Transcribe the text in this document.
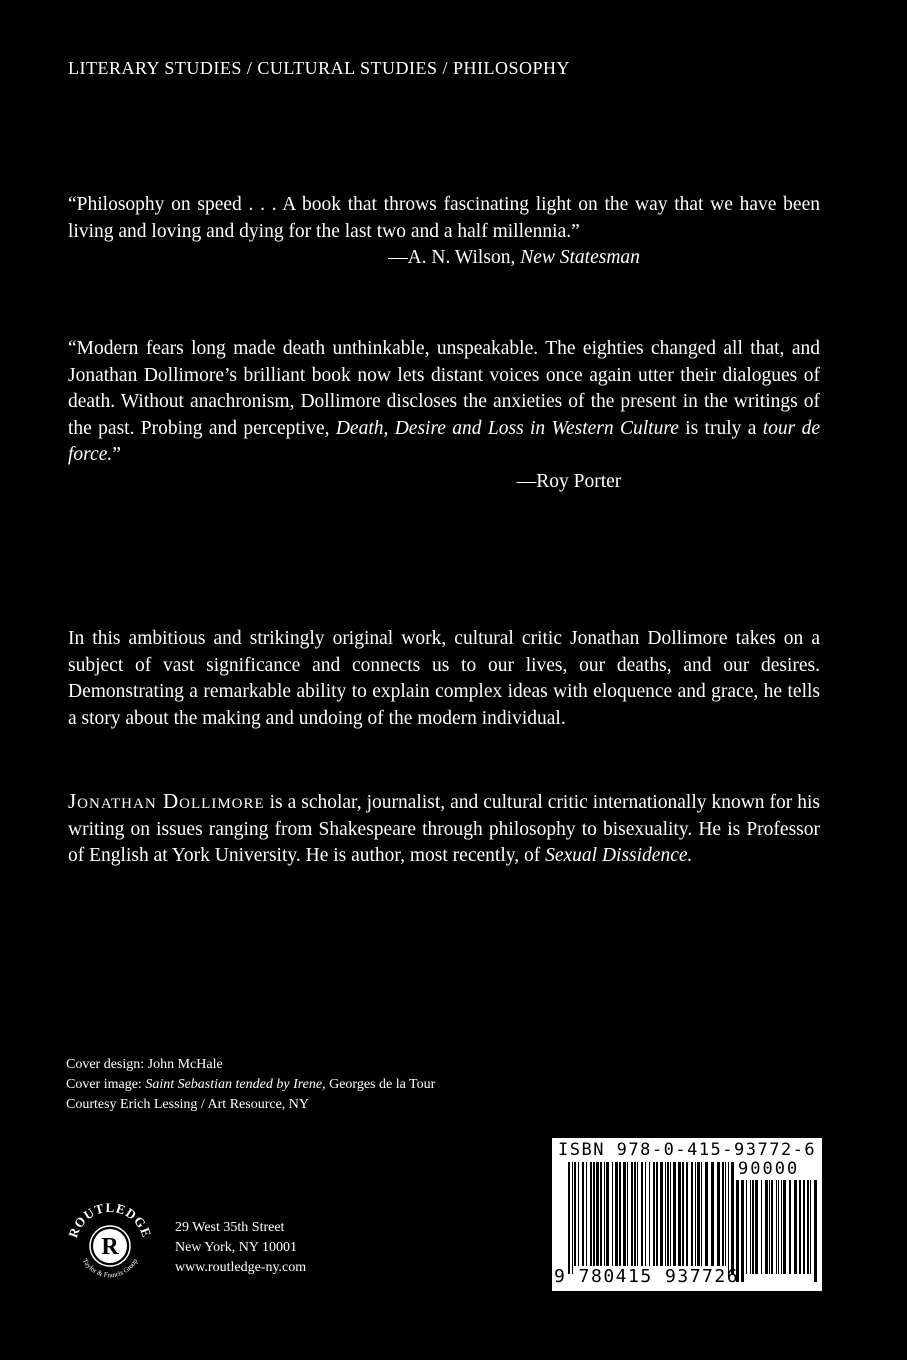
LITERARY STUDIES / CULTURAL STUDIES / PHILOSOPHY
“Philosophy on speed . . . A book that throws fascinating light on the way that we have been living and loving and dying for the last two and a half millennia.”
—A. N. Wilson, New Statesman
“Modern fears long made death unthinkable, unspeakable. The eighties changed all that, and Jonathan Dollimore’s brilliant book now lets distant voices once again utter their dialogues of death. Without anachronism, Dollimore discloses the anxieties of the present in the writings of the past. Probing and perceptive, Death, Desire and Loss in Western Culture is truly a tour de force.”
—Roy Porter
In this ambitious and strikingly original work, cultural critic Jonathan Dollimore takes on a subject of vast significance and connects us to our lives, our deaths, and our desires. Demonstrating a remarkable ability to explain complex ideas with eloquence and grace, he tells a story about the making and undoing of the modern individual.
Jonathan Dollimore is a scholar, journalist, and cultural critic internationally known for his writing on issues ranging from Shakespeare through philosophy to bisexuality. He is Professor of English at York University. He is author, most recently, of Sexual Dissidence.
Cover design: John McHale
Cover image: Saint Sebastian tended by Irene, Georges de la Tour
Courtesy Erich Lessing / Art Resource, NY
R
ROUTLEDGE
Taylor & Francis Group
29 West 35th Street
New York, NY 10001
www.routledge-ny.com
ISBN 978-0-415-93772-6
90000
9 780415 937726
